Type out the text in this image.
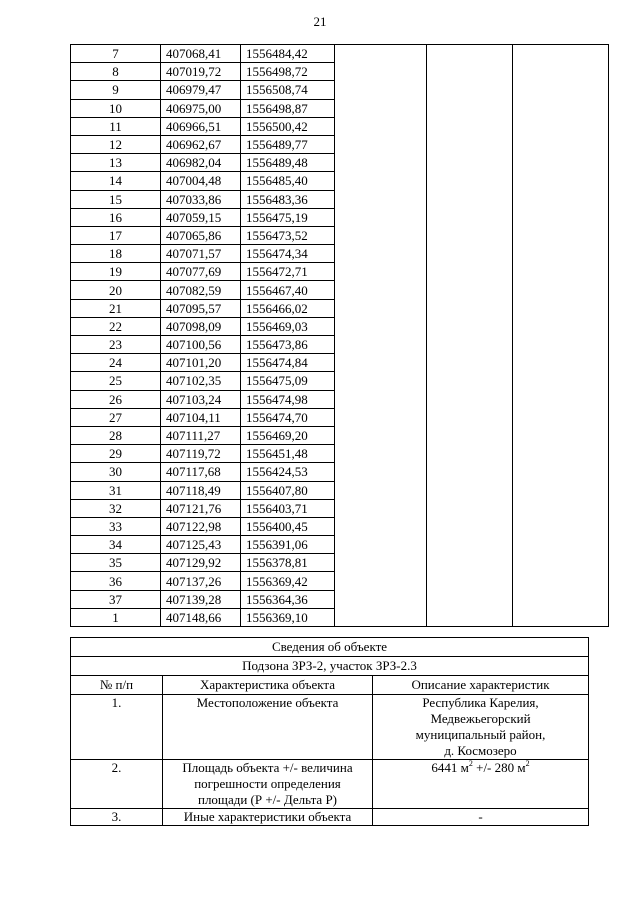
21
7	407068,41	1556484,42			
8	407019,72	1556498,72			
9	406979,47	1556508,74			
10	406975,00	1556498,87			
11	406966,51	1556500,42			
12	406962,67	1556489,77			
13	406982,04	1556489,48			
14	407004,48	1556485,40			
15	407033,86	1556483,36			
16	407059,15	1556475,19			
17	407065,86	1556473,52			
18	407071,57	1556474,34			
19	407077,69	1556472,71			
20	407082,59	1556467,40			
21	407095,57	1556466,02			
22	407098,09	1556469,03			
23	407100,56	1556473,86			
24	407101,20	1556474,84			
25	407102,35	1556475,09			
26	407103,24	1556474,98			
27	407104,11	1556474,70			
28	407111,27	1556469,20			
29	407119,72	1556451,48			
30	407117,68	1556424,53			
31	407118,49	1556407,80			
32	407121,76	1556403,71			
33	407122,98	1556400,45			
34	407125,43	1556391,06			
35	407129,92	1556378,81			
36	407137,26	1556369,42			
37	407139,28	1556364,36			
1	407148,66	1556369,10			
Сведения об объекте		
Подзона ЗРЗ-2, участок ЗРЗ-2.3		
№ п/п	Характеристика объекта	Описание характеристик
1.	Местоположение объекта	Республика Карелия,
Медвежьегорский
муниципальный район,
д. Космозеро

2.	Площадь объекта +/- величина
погрешности определения
площади (Р +/- Дельта Р)	6441 $м^2$ +/- 280 $м^2$
3.	Иные характеристики объекта	-
